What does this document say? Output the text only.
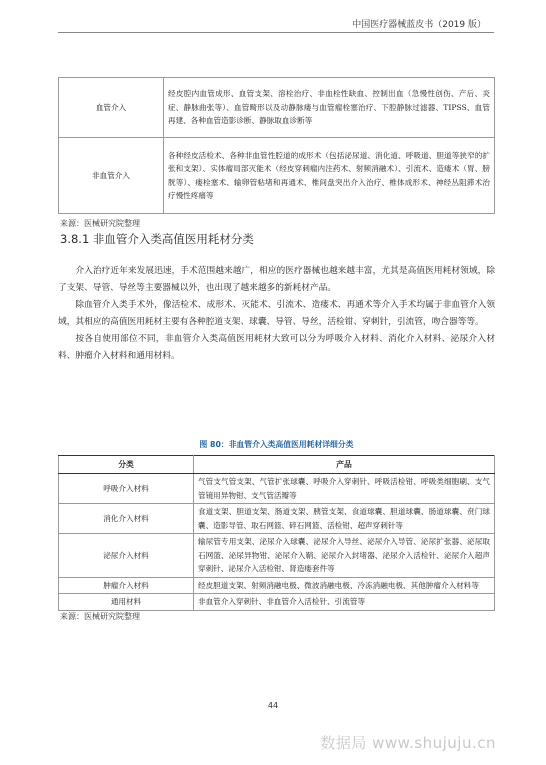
中国医疗器械蓝皮书（2019 版）
血管介入	经皮腔内血管成形、血管支架、溶栓治疗、非血栓性缺血、控制出血（急慢性创伤、产后、炎症、静脉曲张等）、血管畸形以及动静脉瘘与血管瘤栓塞治疗、下腔静脉过滤器、TIPSS、血管再建、各种血管造影诊断、静脉取血诊断等
非血管介入	各种经皮活检术、各种非血管性腔道的成形术（包括泌尿道、消化道、呼吸道、胆道等狭窄的扩张和支架）、实体瘤局部灭能术（经皮穿刺瘤内注药术、射频消融术）、引流术、造瘘术（胃、膀胱等）、瘘栓塞术、输卵管粘堵和再通术、椎间盘突出介入治疗、椎体成形术、神经丛阻滞术治疗慢性疼痛等
来源：医械研究院整理
3.8.1 非血管介入类高值医用耗材分类

介入治疗近年来发展迅速，手术范围越来越广，相应的医疗器械也越来越丰富，尤其是高值医用耗材领域，除了支架、导管、导丝等主要器械以外，也出现了越来越多的新耗材产品。

除血管介入类手术外，像活检术、成形术、灭能术、引流术、造瘘术、再通术等介入手术均属于非血管介入领域，其相应的高值医用耗材主要有各种腔道支架、球囊、导管、导丝，活检钳、穿刺针，引流管，吻合器等等。

按各自使用部位不同，非血管介入类高值医用耗材大致可以分为呼吸介入材料、消化介入材料、泌尿介入材料、肿瘤介入材料和通用材料。

图 80：非血管介入类高值医用耗材详细分类	
分类	产品
呼吸介入材料	气管支气管支架、气管扩张球囊、呼吸介入穿刺针、呼吸活检钳、呼吸类细胞刷、支气管镜用异物钳、支气管活瓣等
消化介入材料	食道支架、胆道支架、肠道支架、胰管支架、食道球囊、胆道球囊、肠道球囊、贲门球囊、造影导管、取石网篮、碎石网篮、活检钳、超声穿刺针等
泌尿介入材料	输尿管专用支架、泌尿介入球囊、泌尿介入导丝、泌尿介入导管、泌尿扩张器、泌尿取石网篮、泌尿异物钳、泌尿介入鞘、泌尿介入封堵器、泌尿介入活检针、泌尿介入超声穿刺针、泌尿介入活检钳、肾造瘘套件等
肿瘤介入材料	经皮胆道支架、射频消融电极、微波消融电极、冷冻消融电极、其他肿瘤介入材料等
通用材料	非血管介入穿刺针、非血管介入活检针、引流管等
来源：医械研究院整理
44
数据局 www.shujuju.cn
